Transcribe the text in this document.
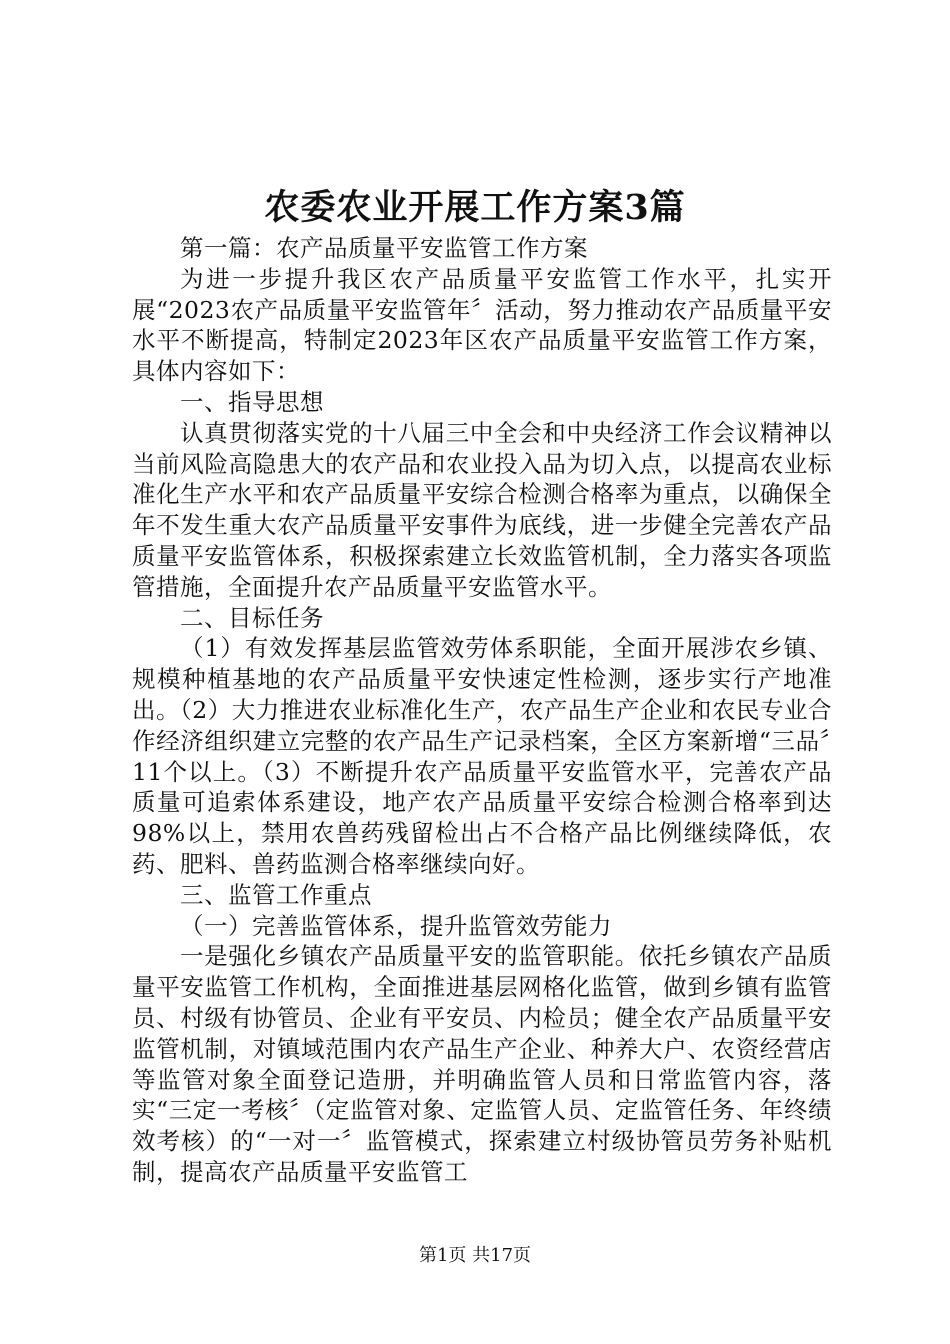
农委农业开展工作方案3篇

第一篇：农产品质量平安监管工作方案

为进一步提升我区农产品质量平安监管工作水平，扎实开展“2023农产品质量平安监管年〞活动，努力推动农产品质量平安水平不断提高，特制定2023年区农产品质量平安监管工作方案，具体内容如下：

一、指导思想

认真贯彻落实党的十八届三中全会和中央经济工作会议精神以当前风险高隐患大的农产品和农业投入品为切入点，以提高农业标准化生产水平和农产品质量平安综合检测合格率为重点，以确保全年不发生重大农产品质量平安事件为底线，进一步健全完善农产品质量平安监管体系，积极探索建立长效监管机制，全力落实各项监管措施，全面提升农产品质量平安监管水平。

二、目标任务

（1）有效发挥基层监管效劳体系职能，全面开展涉农乡镇、规模种植基地的农产品质量平安快速定性检测，逐步实行产地准出。（2）大力推进农业标准化生产，农产品生产企业和农民专业合作经济组织建立完整的农产品生产记录档案，全区方案新增“三品〞11个以上。（3）不断提升农产品质量平安监管水平，完善农产品质量可追索体系建设，地产农产品质量平安综合检测合格率到达98%以上，禁用农兽药残留检出占不合格产品比例继续降低，农药、肥料、兽药监测合格率继续向好。

三、监管工作重点

（一）完善监管体系，提升监管效劳能力

一是强化乡镇农产品质量平安的监管职能。依托乡镇农产品质量平安监管工作机构，全面推进基层网格化监管，做到乡镇有监管员、村级有协管员、企业有平安员、内检员；健全农产品质量平安监管机制，对镇域范围内农产品生产企业、种养大户、农资经营店等监管对象全面登记造册，并明确监管人员和日常监管内容，落实“三定一考核〞（定监管对象、定监管人员、定监管任务、年终绩效考核）的“一对一〞监管模式，探索建立村级协管员劳务补贴机制，提高农产品质量平安监管工

第1页 共17页
